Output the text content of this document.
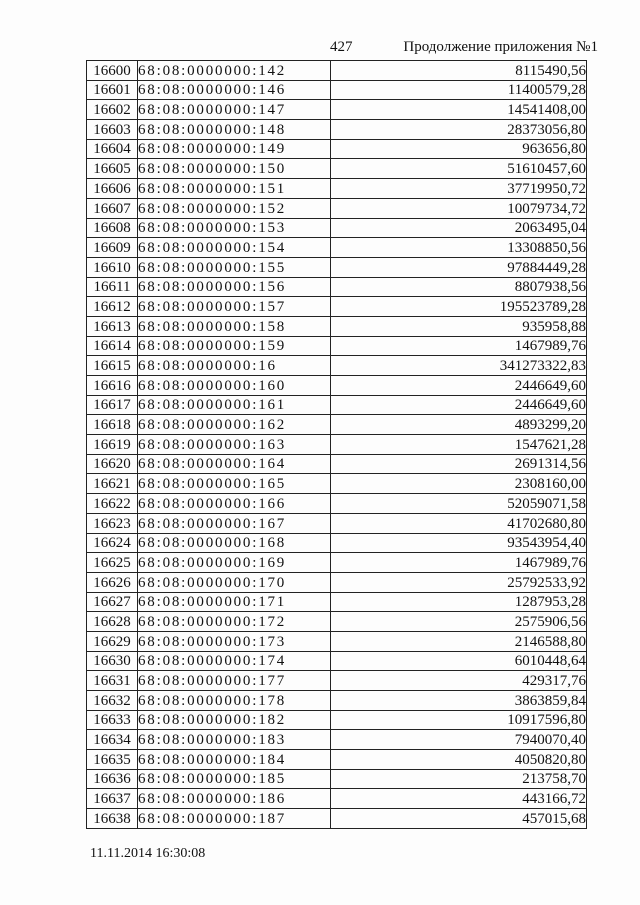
427	Продолжение приложения №1
16600	68:08:0000000:142	8115490,56
16601	68:08:0000000:146	11400579,28
16602	68:08:0000000:147	14541408,00
16603	68:08:0000000:148	28373056,80
16604	68:08:0000000:149	963656,80
16605	68:08:0000000:150	51610457,60
16606	68:08:0000000:151	37719950,72
16607	68:08:0000000:152	10079734,72
16608	68:08:0000000:153	2063495,04
16609	68:08:0000000:154	13308850,56
16610	68:08:0000000:155	97884449,28
16611	68:08:0000000:156	8807938,56
16612	68:08:0000000:157	195523789,28
16613	68:08:0000000:158	935958,88
16614	68:08:0000000:159	1467989,76
16615	68:08:0000000:16	341273322,83
16616	68:08:0000000:160	2446649,60
16617	68:08:0000000:161	2446649,60
16618	68:08:0000000:162	4893299,20
16619	68:08:0000000:163	1547621,28
16620	68:08:0000000:164	2691314,56
16621	68:08:0000000:165	2308160,00
16622	68:08:0000000:166	52059071,58
16623	68:08:0000000:167	41702680,80
16624	68:08:0000000:168	93543954,40
16625	68:08:0000000:169	1467989,76
16626	68:08:0000000:170	25792533,92
16627	68:08:0000000:171	1287953,28
16628	68:08:0000000:172	2575906,56
16629	68:08:0000000:173	2146588,80
16630	68:08:0000000:174	6010448,64
16631	68:08:0000000:177	429317,76
16632	68:08:0000000:178	3863859,84
16633	68:08:0000000:182	10917596,80
16634	68:08:0000000:183	7940070,40
16635	68:08:0000000:184	4050820,80
16636	68:08:0000000:185	213758,70
16637	68:08:0000000:186	443166,72
16638	68:08:0000000:187	457015,68
11.11.2014 16:30:08
